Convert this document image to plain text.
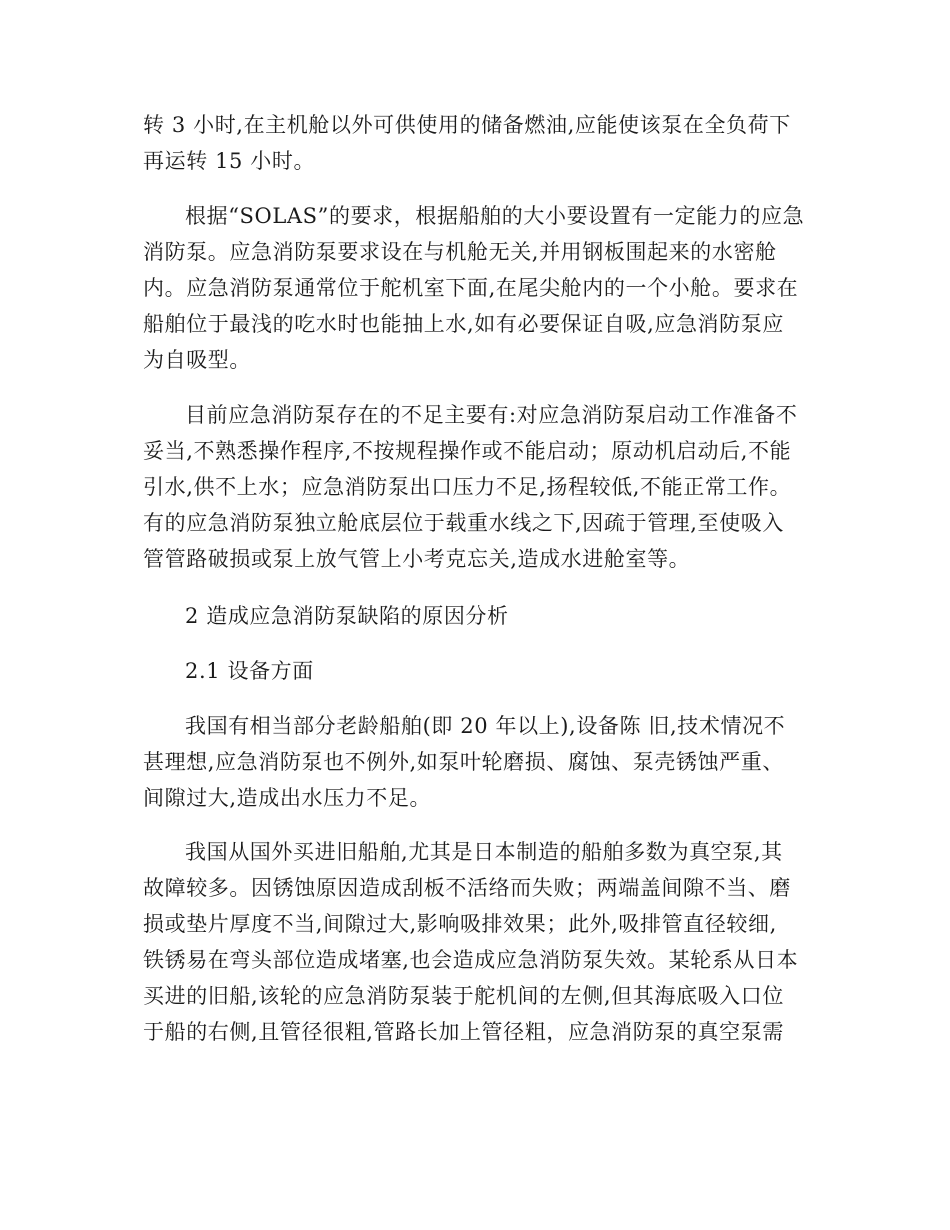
转 3 小时,在主机舱以外可供使用的储备燃油,应能使该泵在全负荷下
再运转 15 小时。
根据“SOLAS”的要求，根据船舶的大小要设置有一定能力的应急
消防泵。应急消防泵要求设在与机舱无关,并用钢板围起来的水密舱
内。应急消防泵通常位于舵机室下面,在尾尖舱内的一个小舱。要求在
船舶位于最浅的吃水时也能抽上水,如有必要保证自吸,应急消防泵应
为自吸型。
目前应急消防泵存在的不足主要有:对应急消防泵启动工作准备不
妥当,不熟悉操作程序,不按规程操作或不能启动；原动机启动后,不能
引水,供不上水；应急消防泵出口压力不足,扬程较低,不能正常工作。
有的应急消防泵独立舱底层位于载重水线之下,因疏于管理,至使吸入
管管路破损或泵上放气管上小考克忘关,造成水进舱室等。
2 造成应急消防泵缺陷的原因分析
2.1 设备方面
我国有相当部分老龄船舶(即 20 年以上),设备陈 旧,技术情况不
甚理想,应急消防泵也不例外,如泵叶轮磨损、腐蚀、泵壳锈蚀严重、
间隙过大,造成出水压力不足。
我国从国外买进旧船舶,尤其是日本制造的船舶多数为真空泵,其
故障较多。因锈蚀原因造成刮板不活络而失败；两端盖间隙不当、磨
损或垫片厚度不当,间隙过大,影响吸排效果；此外,吸排管直径较细,
铁锈易在弯头部位造成堵塞,也会造成应急消防泵失效。某轮系从日本
买进的旧船,该轮的应急消防泵装于舵机间的左侧,但其海底吸入口位
于船的右侧,且管径很粗,管路长加上管径粗，应急消防泵的真空泵需
